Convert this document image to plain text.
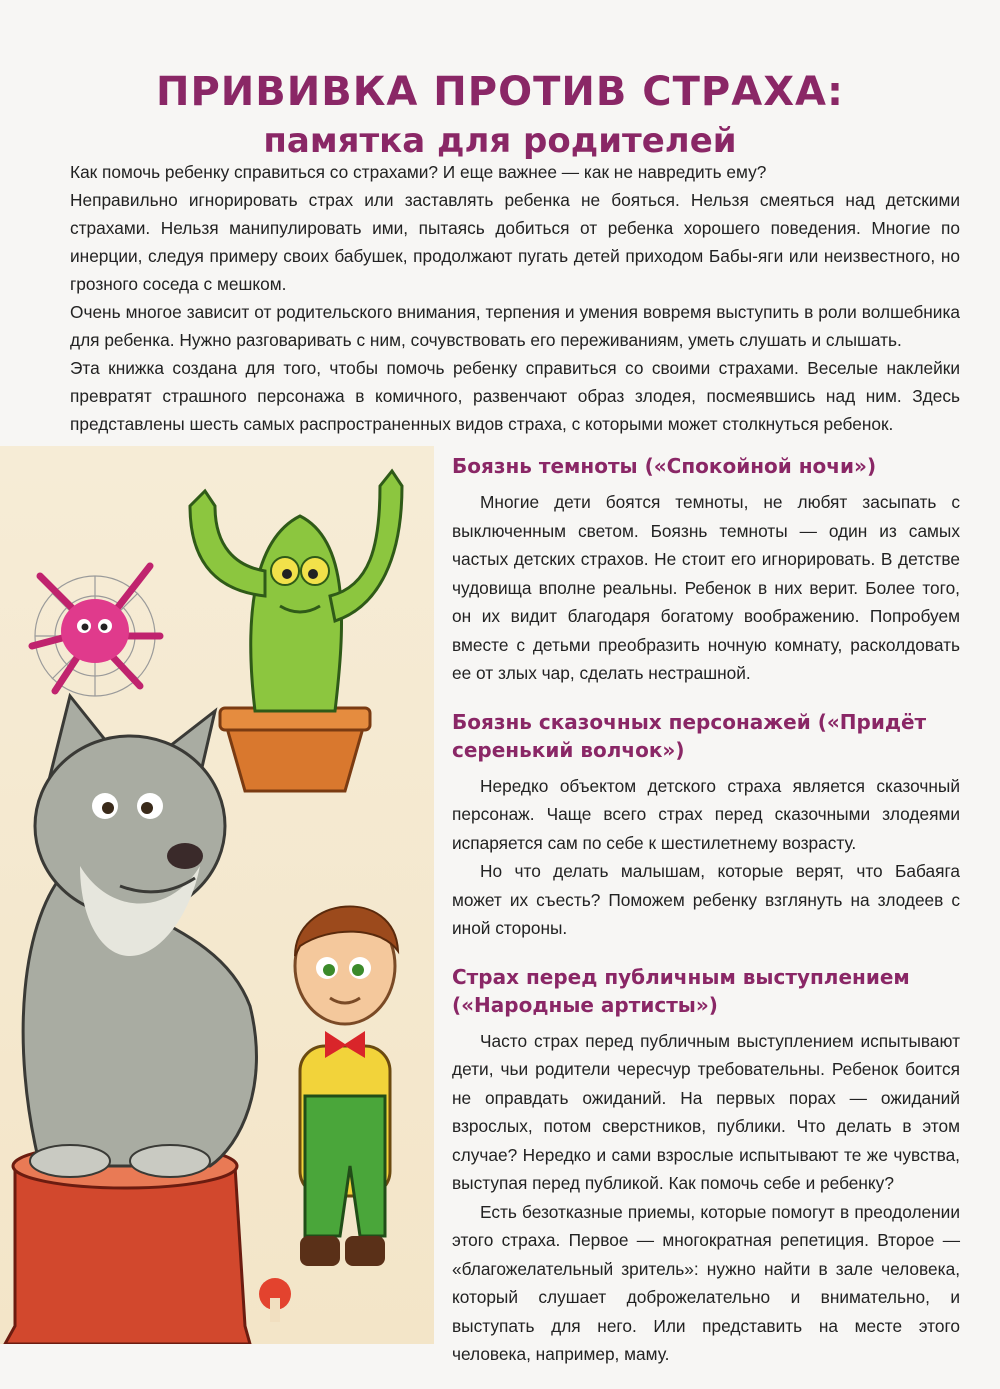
ПРИВИВКА ПРОТИВ СТРАХА:
памятка для родителей

Как помочь ребенку справиться со страхами? И еще важнее — как не навредить ему?

Неправильно игнорировать страх или заставлять ребенка не бояться. Нельзя смеяться над детскими страхами. Нельзя манипулировать ими, пытаясь добиться от ребенка хорошего поведения. Многие по инерции, следуя примеру своих бабушек, продолжают пугать детей приходом Бабы-яги или неизвестного, но грозного соседа с мешком.

Очень многое зависит от родительского внимания, терпения и умения вовремя выступить в роли волшебника для ребенка. Нужно разговаривать с ним, сочувствовать его переживаниям, уметь слушать и слышать.

Эта книжка создана для того, чтобы помочь ребенку справиться со своими страхами. Веселые наклейки превратят страшного персонажа в комичного, развенчают образ злодея, посмеявшись над ним. Здесь представлены шесть самых распространенных видов страха, с которыми может столкнуться ребенок.

Боязнь темноты («Спокойной ночи»)

Многие дети боятся темноты, не любят засыпать с выключенным светом. Боязнь темноты — один из самых частых детских страхов. Не стоит его игнорировать. В детстве чудовища вполне реальны. Ребенок в них верит. Более того, он их видит благодаря богатому воображению. Попробуем вместе с детьми преобразить ночную комнату, расколдовать ее от злых чар, сделать нестрашной.

Боязнь сказочных персонажей («Придёт серенький волчок»)

Нередко объектом детского страха является сказочный персонаж. Чаще всего страх перед сказочными злодеями испаряется сам по себе к шестилетнему возрасту.

Но что делать малышам, которые верят, что Бабаяга может их съесть? Поможем ребенку взглянуть на злодеев с иной стороны.

Страх перед публичным выступлением («Народные артисты»)

Часто страх перед публичным выступлением испытывают дети, чьи родители чересчур требовательны. Ребенок боится не оправдать ожиданий. На первых порах — ожиданий взрослых, потом сверстников, публики. Что делать в этом случае? Нередко и сами взрослые испытывают те же чувства, выступая перед публикой. Как помочь себе и ребенку?

Есть безотказные приемы, которые помогут в преодолении этого страха. Первое — многократная репетиция. Второе — «благожелательный зритель»: нужно найти в зале человека, который слушает доброжелательно и внимательно, и выступать для него. Или представить на месте этого человека, например, маму.
